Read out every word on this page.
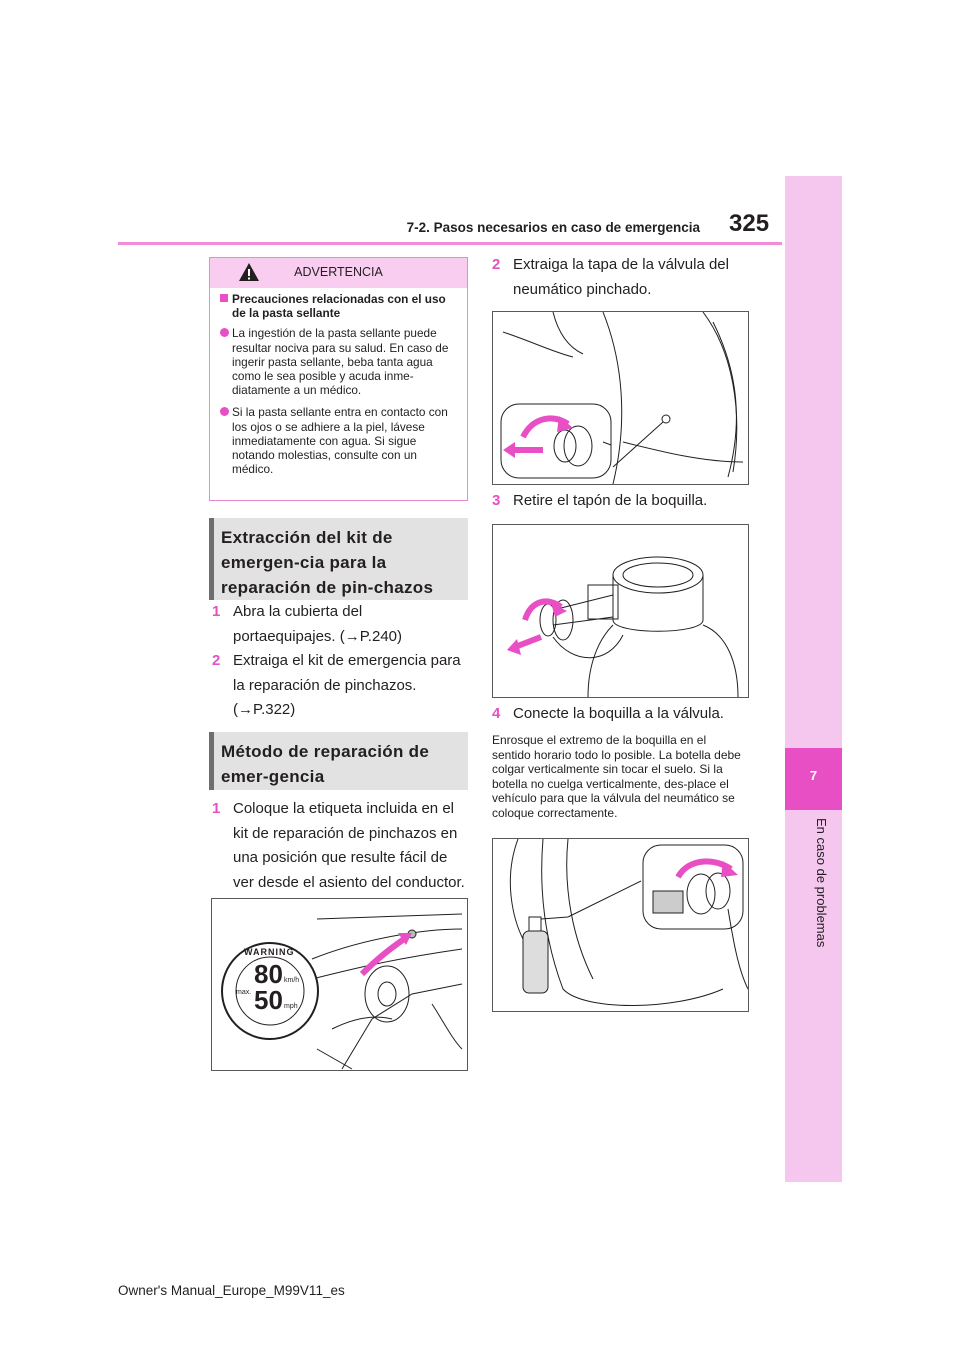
7
En caso de problemas
7-2. Pasos necesarios en caso de emergencia 325
ADVERTENCIA
Precauciones relacionadas con el uso de la pasta sellante
La ingestión de la pasta sellante puede resultar nociva para su salud. En caso de ingerir pasta sellante, beba tanta agua como le sea posible y acuda inme-diatamente a un médico.
Si la pasta sellante entra en contacto con los ojos o se adhiere a la piel, lávese inmediatamente con agua. Si sigue notando molestias, consulte con un médico.
Extracción del kit de emergen-cia para la reparación de pin-chazos
1 Abra la cubierta del portaequipajes. (→P.240)
2 Extraiga el kit de emergencia para la reparación de pinchazos. (→P.322)
Método de reparación de emer-gencia
1 Coloque la etiqueta incluida en el kit de reparación de pinchazos en una posición que resulte fácil de ver desde el asiento del conductor.
WARNING
80 km/h
max. 50 mph
2 Extraiga la tapa de la válvula del neumático pinchado.
3 Retire el tapón de la boquilla.
4 Conecte la boquilla a la válvula.
Enrosque el extremo de la boquilla en el sentido horario todo lo posible. La botella debe colgar verticalmente sin tocar el suelo. Si la botella no cuelga verticalmente, des-place el vehículo para que la válvula del neumático se coloque correctamente.
Owner's Manual_Europe_M99V11_es
